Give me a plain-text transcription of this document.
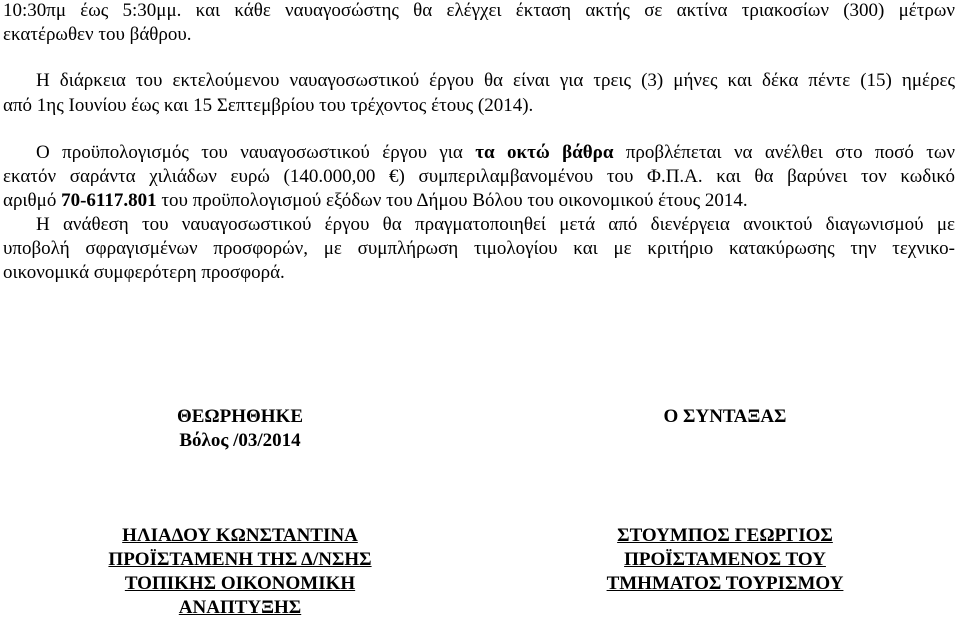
10:30πμ έως 5:30μμ. και κάθε ναυαγοσώστης θα ελέγχει έκταση ακτής σε ακτίνα τριακοσίων (300) μέτρων
εκατέρωθεν του βάθρου.
Η διάρκεια του εκτελούμενου ναυαγοσωστικού έργου θα είναι για τρεις (3) μήνες και δέκα πέντε (15) ημέρες
από 1ης Ιουνίου έως και 15 Σεπτεμβρίου του τρέχοντος έτους (2014).
Ο προϋπολογισμός του ναυαγοσωστικού έργου για τα οκτώ βάθρα προβλέπεται να ανέλθει στο ποσό των
εκατόν σαράντα χιλιάδων ευρώ (140.000,00 €) συμπεριλαμβανομένου του Φ.Π.Α. και θα βαρύνει τον κωδικό
αριθμό 70-6117.801 του προϋπολογισμού εξόδων του Δήμου Βόλου του οικονομικού έτους 2014.
Η ανάθεση του ναυαγοσωστικού έργου θα πραγματοποιηθεί μετά από διενέργεια ανοικτού διαγωνισμού με
υποβολή σφραγισμένων προσφορών, με συμπλήρωση τιμολογίου και με κριτήριο κατακύρωσης την τεχνικο-
οικονομικά συμφερότερη προσφορά.
ΘΕΩΡΗΘΗΚΕ
Βόλος /03/2014
Ο ΣΥΝΤΑΞΑΣ
ΗΛΙΑΔΟΥ ΚΩΝΣΤΑΝΤΙΝΑ
ΠΡΟΪΣΤΑΜΕΝΗ ΤΗΣ Δ/ΝΣΗΣ
ΤΟΠΙΚΗΣ ΟΙΚΟΝΟΜΙΚΗ
ΑΝΑΠΤΥΞΗΣ
ΣΤΟΥΜΠΟΣ ΓΕΩΡΓΙΟΣ
ΠΡΟΪΣΤΑΜΕΝΟΣ ΤΟΥ
ΤΜΗΜΑΤΟΣ ΤΟΥΡΙΣΜΟΥ
